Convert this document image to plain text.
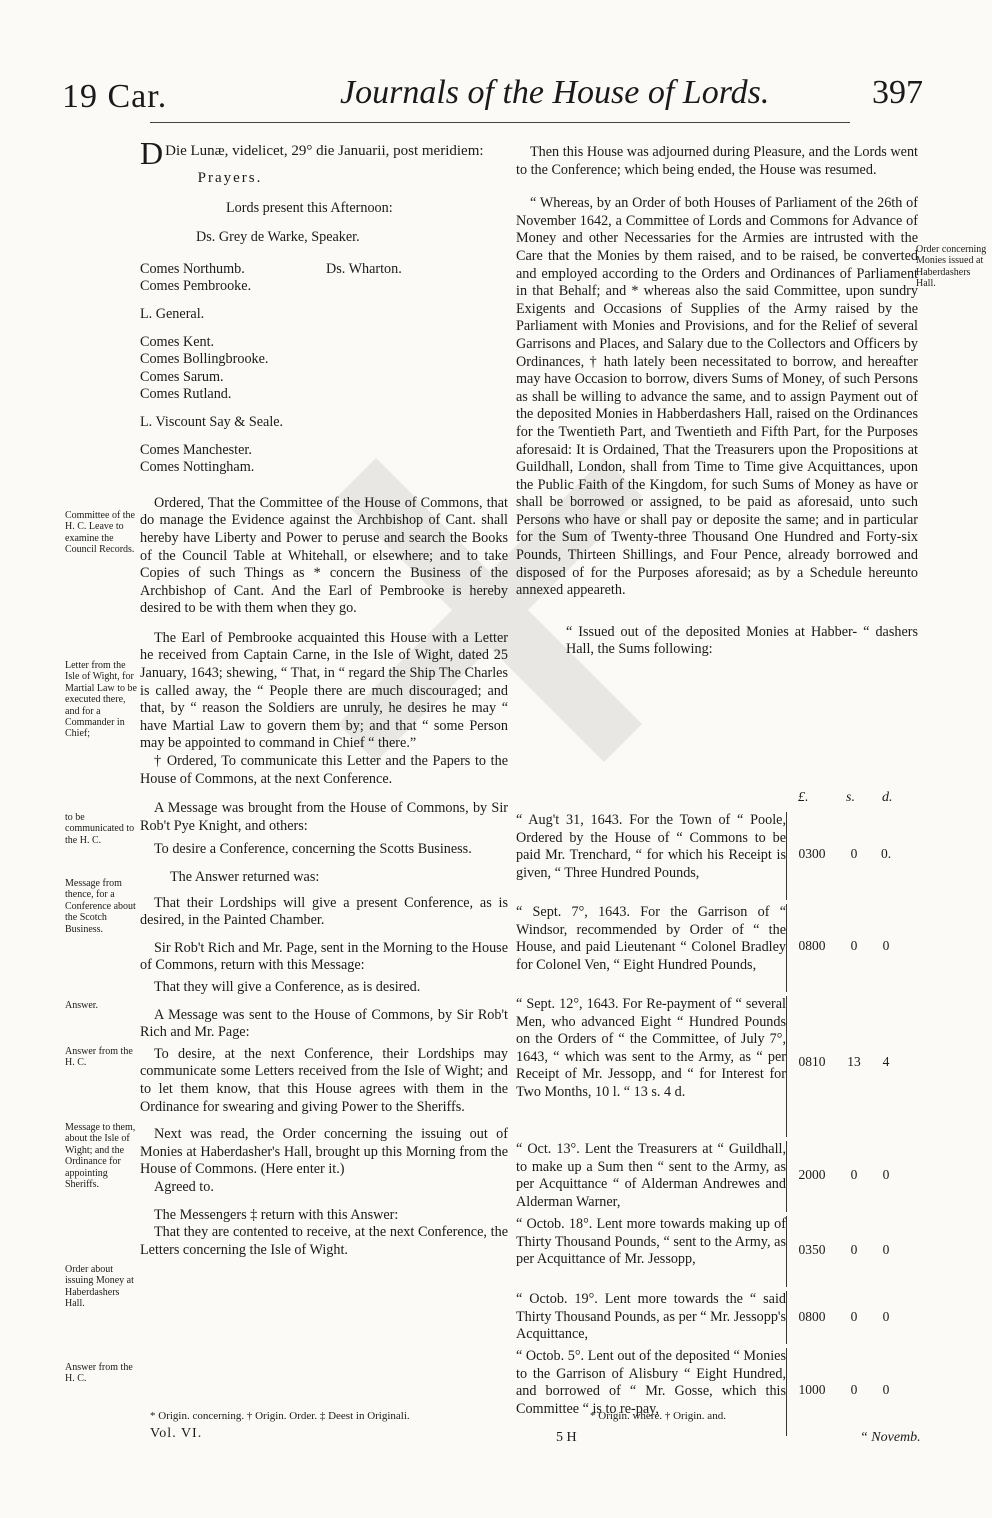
19 Car.	Journals of the House of Lords.	397

D Die Lunæ, videlicet, 29° die Januarii, post meridiem:

Prayers.

Lords present this Afternoon:

Ds. Grey de Warke, Speaker.

Comes Northumb.

Comes Pembrooke.

Ds. Wharton.

L. General.

Comes Kent.

Comes Bollingbrooke.

Comes Sarum.

Comes Rutland.

L. Viscount Say & Seale.

Comes Manchester.

Comes Nottingham.

Ordered, That the Committee of the House of Commons, that do manage the Evidence against the Archbishop of Cant. shall hereby have Liberty and Power to peruse and search the Books of the Council Table at Whitehall, or elsewhere; and to take Copies of such Things as * concern the Business of the Archbishop of Cant. And the Earl of Pembrooke is hereby desired to be with them when they go.

The Earl of Pembrooke acquainted this House with a Letter he received from Captain Carne, in the Isle of Wight, dated 25 January, 1643; shewing, “ That, in “ regard the Ship The Charles is called away, the “ People there are much discouraged; and that, by “ reason the Soldiers are unruly, he desires he may “ have Martial Law to govern them by; and that “ some Person may be appointed to command in Chief “ there.”

† Ordered, To communicate this Letter and the Papers to the House of Commons, at the next Conference.

A Message was brought from the House of Commons, by Sir Rob't Pye Knight, and others:

To desire a Conference, concerning the Scotts Business.

The Answer returned was:

That their Lordships will give a present Conference, as is desired, in the Painted Chamber.

Sir Rob't Rich and Mr. Page, sent in the Morning to the House of Commons, return with this Message:

That they will give a Conference, as is desired.

A Message was sent to the House of Commons, by Sir Rob't Rich and Mr. Page:

To desire, at the next Conference, their Lordships may communicate some Letters received from the Isle of Wight; and to let them know, that this House agrees with them in the Ordinance for swearing and giving Power to the Sheriffs.

Next was read, the Order concerning the issuing out of Monies at Haberdasher's Hall, brought up this Morning from the House of Commons. (Here enter it.)

Agreed to.

The Messengers ‡ return with this Answer:

That they are contented to receive, at the next Conference, the Letters concerning the Isle of Wight.

* Origin. concerning. † Origin. Order. ‡ Deest in Originali.
Vol. VI.
Committee of the H. C. Leave to examine the Council Records.
Letter from the Isle of Wight, for Martial Law to be executed there, and for a Commander in Chief;
to be communicated to the H. C.
Message from thence, for a Conference about the Scotch Business.
Answer.
Answer from the H. C.
Message to them, about the Isle of Wight; and the Ordinance for appointing Sheriffs.
Order about issuing Money at Haberdashers Hall.
Answer from the H. C.
Order concerning Monies issued at Haberdashers Hall.

Then this House was adjourned during Pleasure, and the Lords went to the Conference; which being ended, the House was resumed.

“ Whereas, by an Order of both Houses of Parliament of the 26th of November 1642, a Committee of Lords and Commons for Advance of Money and other Necessaries for the Armies are intrusted with the Care that the Monies by them raised, and to be raised, be converted and employed according to the Orders and Ordinances of Parliament in that Behalf; and * whereas also the said Committee, upon sundry Exigents and Occasions of Supplies of the Army raised by the Parliament with Monies and Provisions, and for the Relief of several Garrisons and Places, and Salary due to the Collectors and Officers by Ordinances, † hath lately been necessitated to borrow, and hereafter may have Occasion to borrow, divers Sums of Money, of such Persons as shall be willing to advance the same, and to assign Payment out of the deposited Monies in Habberdashers Hall, raised on the Ordinances for the Twentieth Part, and Twentieth and Fifth Part, for the Purposes aforesaid: It is Ordained, That the Treasurers upon the Propositions at Guildhall, London, shall from Time to Time give Acquittances, upon the Public Faith of the Kingdom, for such Sums of Money as have or shall be borrowed or assigned, to be paid as aforesaid, unto such Persons who have or shall pay or deposite the same; and in particular for the Sum of Twenty-three Thousand One Hundred and Forty-six Pounds, Thirteen Shillings, and Four Pence, already borrowed and disposed of for the Purposes aforesaid; as by a Schedule hereunto annexed appeareth.

“ Issued out of the deposited Monies at Habber- “ dashers Hall, the Sums following:

£.	s. d.
“ Aug't 31, 1643. For the Town of “ Poole, Ordered by the House of “ Commons to be paid Mr. Trenchard, “ for which his Receipt is given, “ Three Hundred Pounds,
0300	0	0.
“ Sept. 7°, 1643. For the Garrison of “ Windsor, recommended by Order of “ the House, and paid Lieutenant “ Colonel Bradley for Colonel Ven, “ Eight Hundred Pounds,
0800	0	0
“ Sept. 12°, 1643. For Re-payment of “ several Men, who advanced Eight “ Hundred Pounds on the Orders of “ the Committee, of July 7°, 1643, “ which was sent to the Army, as “ per Receipt of Mr. Jessopp, and “ for Interest for Two Months, 10 l. “ 13 s. 4 d.
0810	13	4
“ Oct. 13°. Lent the Treasurers at “ Guildhall, to make up a Sum then “ sent to the Army, as per Acquittance “ of Alderman Andrewes and Alderman Warner,
2000	0	0
“ Octob. 18°. Lent more towards making up of Thirty Thousand Pounds, “ sent to the Army, as per Acquittance of Mr. Jessopp,
0350	0	0
“ Octob. 19°. Lent more towards the “ said Thirty Thousand Pounds, as per “ Mr. Jessopp's Acquittance,
0800	0	0
“ Octob. 5°. Lent out of the deposited “ Monies to the Garrison of Alisbury “ Eight Hundred, and borrowed of “ Mr. Gosse, which this Committee “ is to re-pay,
1000	0	0
* Origin. where. † Origin. and.
5 H	“ Novemb.
